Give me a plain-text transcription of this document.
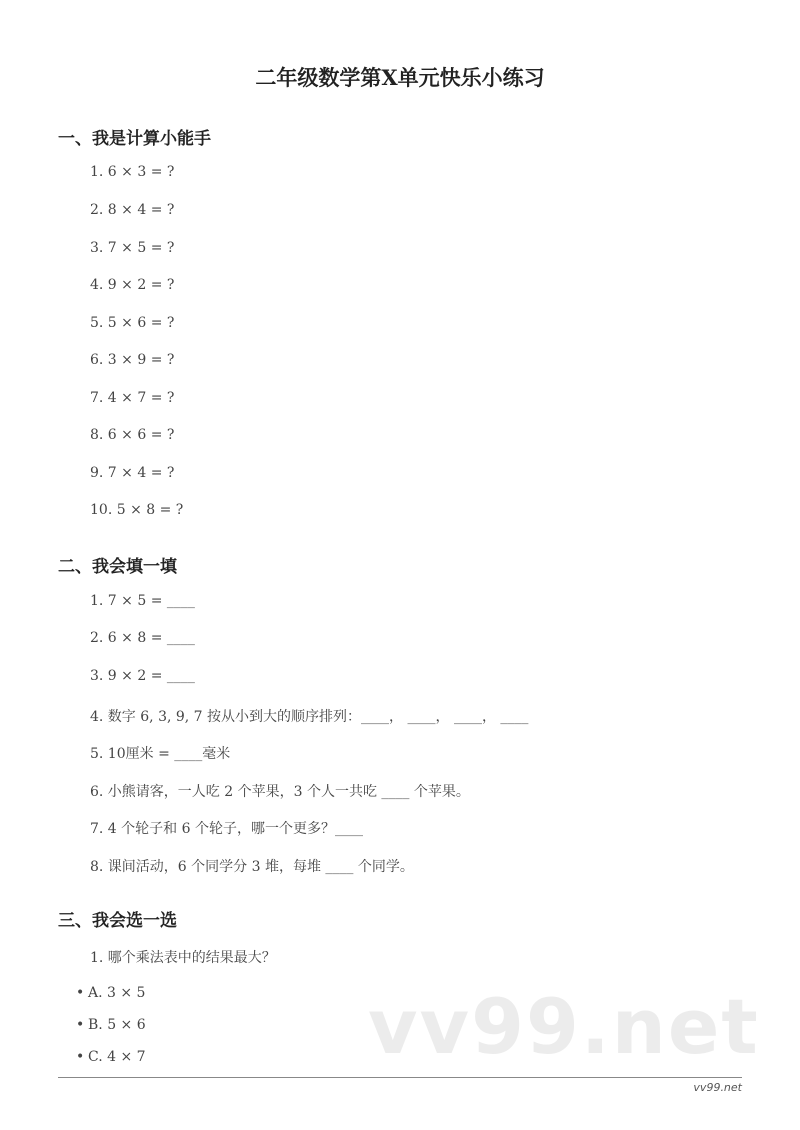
二年级数学第X单元快乐小练习
一、我是计算小能手
1. 6 × 3 = ?
2. 8 × 4 = ?
3. 7 × 5 = ?
4. 9 × 2 = ?
5. 5 × 6 = ?
6. 3 × 9 = ?
7. 4 × 7 = ?
8. 6 × 6 = ?
9. 7 × 4 = ?
10. 5 × 8 = ?
二、我会填一填
1. 7 × 5 = ____
2. 6 × 8 = ____
3. 9 × 2 = ____
4. 数字 6, 3, 9, 7 按从小到大的顺序排列：____， ____， ____， ____
5. 10厘米 = ____毫米
6. 小熊请客，一人吃 2 个苹果，3 个人一共吃 ____ 个苹果。
7. 4 个轮子和 6 个轮子，哪一个更多？____
8. 课间活动，6 个同学分 3 堆，每堆 ____ 个同学。
三、我会选一选
1. 哪个乘法表中的结果最大？
• A. 3 × 5
• B. 5 × 6
• C. 4 × 7	vv99.net
vv99.net
